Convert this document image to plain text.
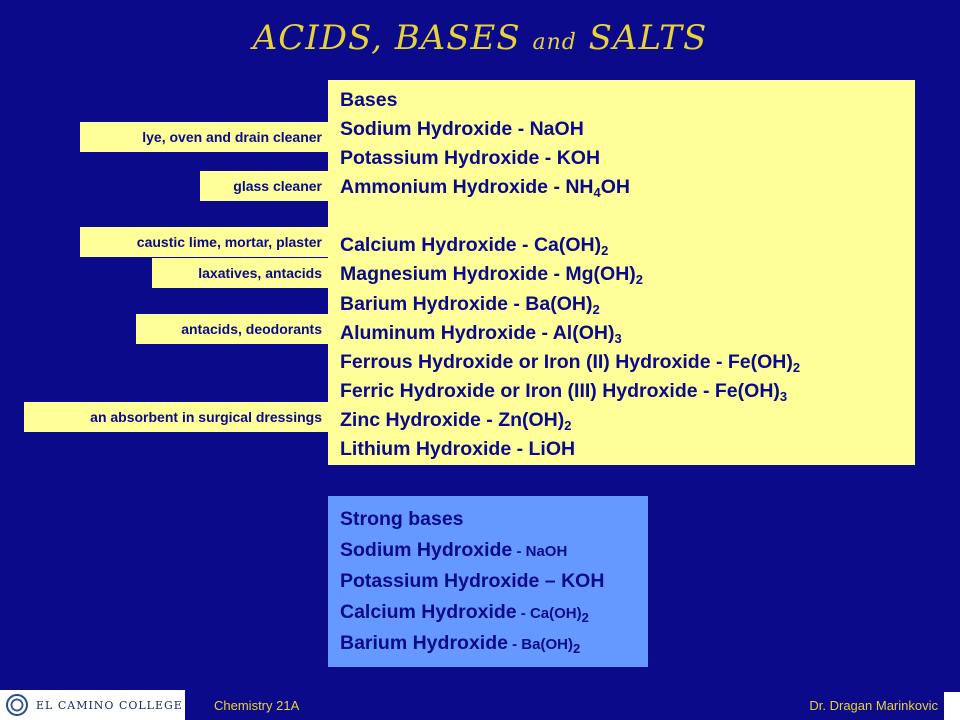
ACIDS, BASES and SALTS
Bases
Sodium Hydroxide - NaOH
Potassium Hydroxide - KOH
Ammonium Hydroxide - $NH_4OH$
Calcium Hydroxide - $Ca(OH)_2$
Magnesium Hydroxide - $Mg(OH)_2$
Barium Hydroxide - $Ba(OH)_2$
Aluminum Hydroxide - $Al(OH)_3$
Ferrous Hydroxide or Iron (II) Hydroxide - $Fe(OH)_2$
Ferric Hydroxide or Iron (III) Hydroxide - $Fe(OH)_3$
Zinc Hydroxide - $Zn(OH)_2$
Lithium Hydroxide - LiOH
lye, oven and drain cleaner
glass cleaner
caustic lime, mortar, plaster
laxatives, antacids
antacids, deodorants
an absorbent in surgical dressings
Strong bases
Sodium Hydroxide - NaOH
Potassium Hydroxide – KOH
Calcium Hydroxide - $Ca(OH)_2$
Barium Hydroxide - $Ba(OH)_2$
EL CAMINO COLLEGE Chemistry 21A	Dr. Dragan Marinkovic
